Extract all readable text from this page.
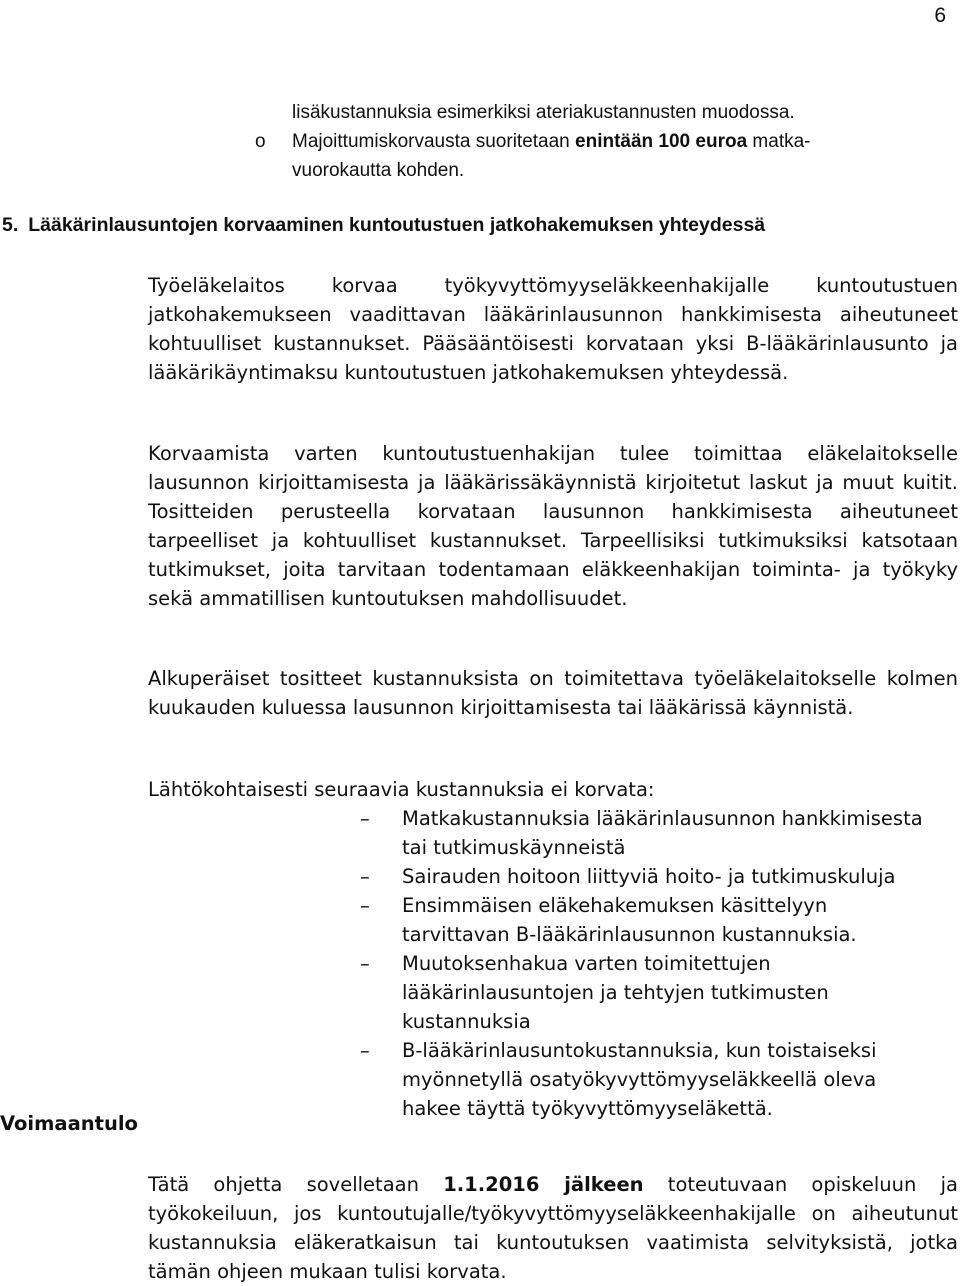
6
lisäkustannuksia esimerkiksi ateriakustannusten muodossa.
o Majoittumiskorvausta suoritetaan enintään 100 euroa matka-
vuorokautta kohden.
5. Lääkärinlausuntojen korvaaminen kuntoutustuen jatkohakemuksen yhteydessä
Työeläkelaitos korvaa työkyvyttömyyseläkkeenhakijalle kuntoutustuen jatkohakemukseen vaadittavan lääkärinlausunnon hankkimisesta aiheutuneet kohtuulliset kustannukset. Pääsääntöisesti korvataan yksi B-lääkärinlausunto ja lääkärikäyntimaksu kuntoutustuen jatkohakemuksen yhteydessä.
Korvaamista varten kuntoutustuenhakijan tulee toimittaa eläkelaitokselle lausunnon kirjoittamisesta ja lääkärissäkäynnistä kirjoitetut laskut ja muut kuitit. Tositteiden perusteella korvataan lausunnon hankkimisesta aiheutuneet tarpeelliset ja kohtuulliset kustannukset. Tarpeellisiksi tutkimuksiksi katsotaan tutkimukset, joita tarvitaan todentamaan eläkkeenhakijan toiminta- ja työkyky sekä ammatillisen kuntoutuksen mahdollisuudet.
Alkuperäiset tositteet kustannuksista on toimitettava työeläkelaitokselle kolmen kuukauden kuluessa lausunnon kirjoittamisesta tai lääkärissä käynnistä.
Lähtökohtaisesti seuraavia kustannuksia ei korvata:
– Matkakustannuksia lääkärinlausunnon hankkimisesta tai tutkimuskäynneistä
– Sairauden hoitoon liittyviä hoito- ja tutkimuskuluja
– Ensimmäisen eläkehakemuksen käsittelyyn tarvittavan B-lääkärinlausunnon kustannuksia.
– Muutoksenhakua varten toimitettujen lääkärinlausuntojen ja tehtyjen tutkimusten kustannuksia
– B-lääkärinlausuntokustannuksia, kun toistaiseksi myönnetyllä osatyökyvyttömyyseläkkeellä oleva hakee täyttä työkyvyttömyyseläkettä.
Voimaantulo
Tätä ohjetta sovelletaan 1.1.2016 jälkeen toteutuvaan opiskeluun ja työkokeiluun, jos kuntoutujalle/työkyvyttömyyseläkkeenhakijalle on aiheutunut kustannuksia eläkeratkaisun tai kuntoutuksen vaatimista selvityksistä, jotka tämän ohjeen mukaan tulisi korvata.
